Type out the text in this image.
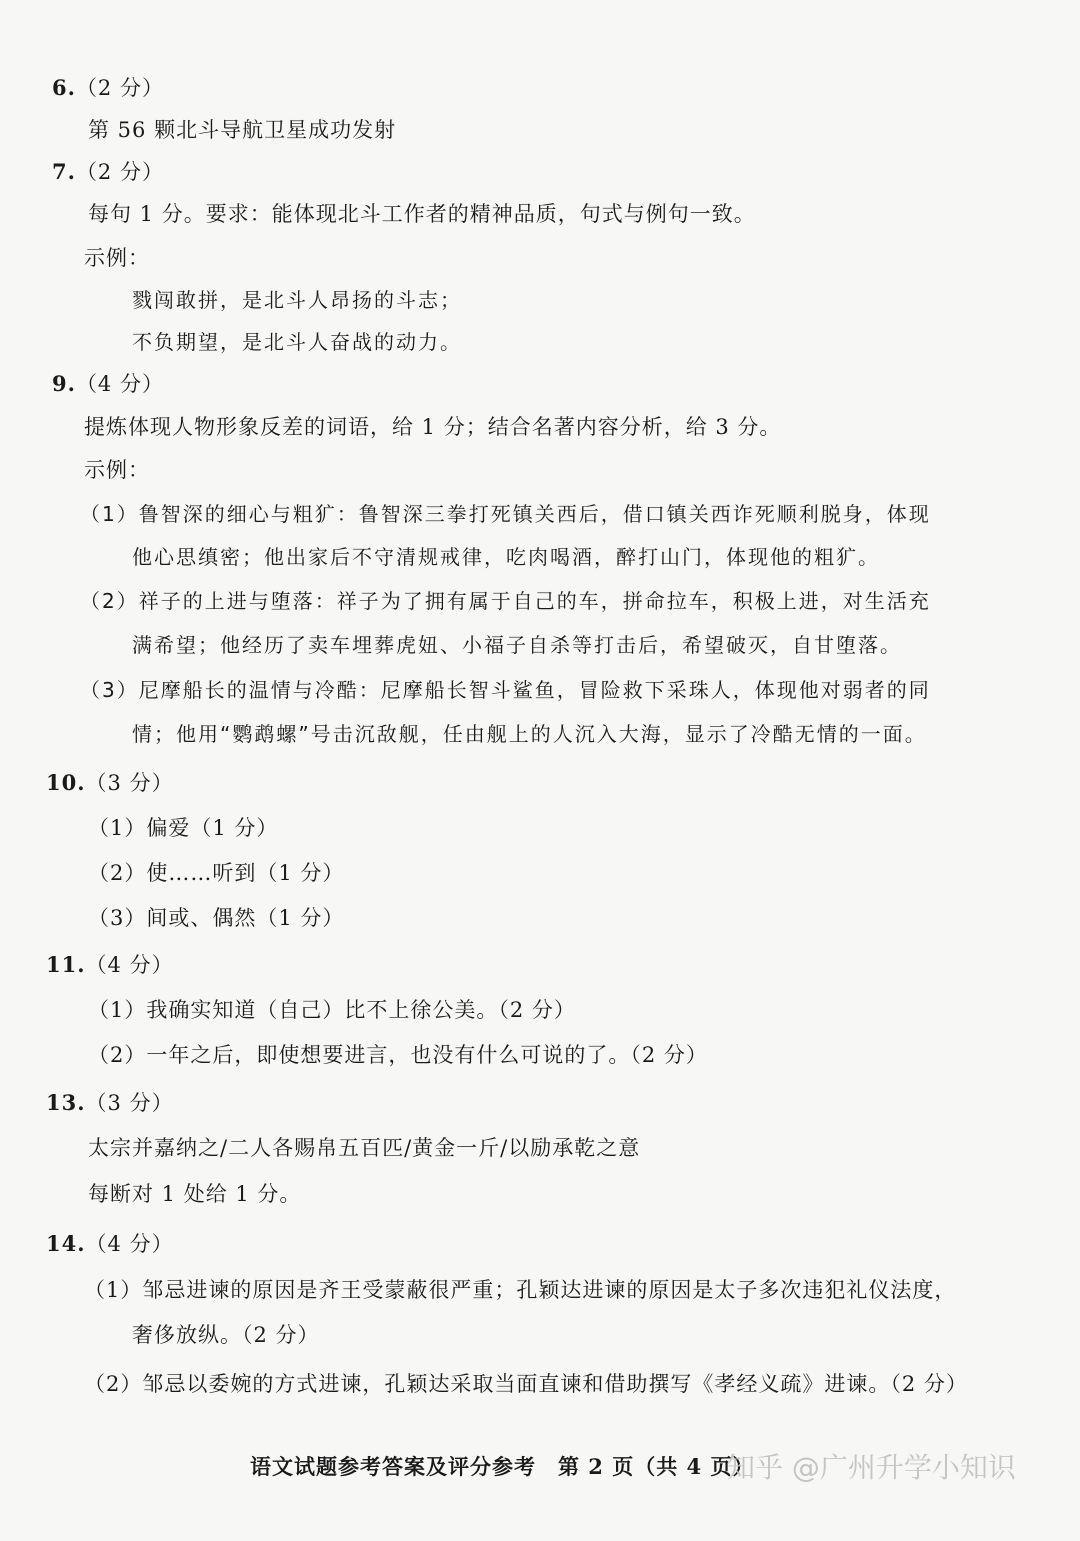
6.（2 分）
第 56 颗北斗导航卫星成功发射
7.（2 分）
每句 1 分。要求：能体现北斗工作者的精神品质，句式与例句一致。
示例：
戮闯敢拼，是北斗人昂扬的斗志；
不负期望，是北斗人奋战的动力。
9.（4 分）
提炼体现人物形象反差的词语，给 1 分；结合名著内容分析，给 3 分。
示例：
（1）鲁智深的细心与粗犷：鲁智深三拳打死镇关西后，借口镇关西诈死顺利脱身，体现
他心思缜密；他出家后不守清规戒律，吃肉喝酒，醉打山门，体现他的粗犷。
（2）祥子的上进与堕落：祥子为了拥有属于自己的车，拼命拉车，积极上进，对生活充
满希望；他经历了卖车埋葬虎妞、小福子自杀等打击后，希望破灭，自甘堕落。
（3）尼摩船长的温情与冷酷：尼摩船长智斗鲨鱼，冒险救下采珠人，体现他对弱者的同
情；他用“鹦鹉螺”号击沉敌舰，任由舰上的人沉入大海，显示了冷酷无情的一面。
10.（3 分）
（1）偏爱（1 分）
（2）使……听到（1 分）
（3）间或、偶然（1 分）
11.（4 分）
（1）我确实知道（自己）比不上徐公美。（2 分）
（2）一年之后，即使想要进言，也没有什么可说的了。（2 分）
13.（3 分）
太宗并嘉纳之/二人各赐帛五百匹/黄金一斤/以励承乾之意
每断对 1 处给 1 分。
14.（4 分）
（1）邹忌进谏的原因是齐王受蒙蔽很严重；孔颖达进谏的原因是太子多次违犯礼仪法度，
奢侈放纵。（2 分）
（2）邹忌以委婉的方式进谏，孔颖达采取当面直谏和借助撰写《孝经义疏》进谏。（2 分）
语文试题参考答案及评分参考　第 2 页（共 4 页）
知乎 @广州升学小知识
